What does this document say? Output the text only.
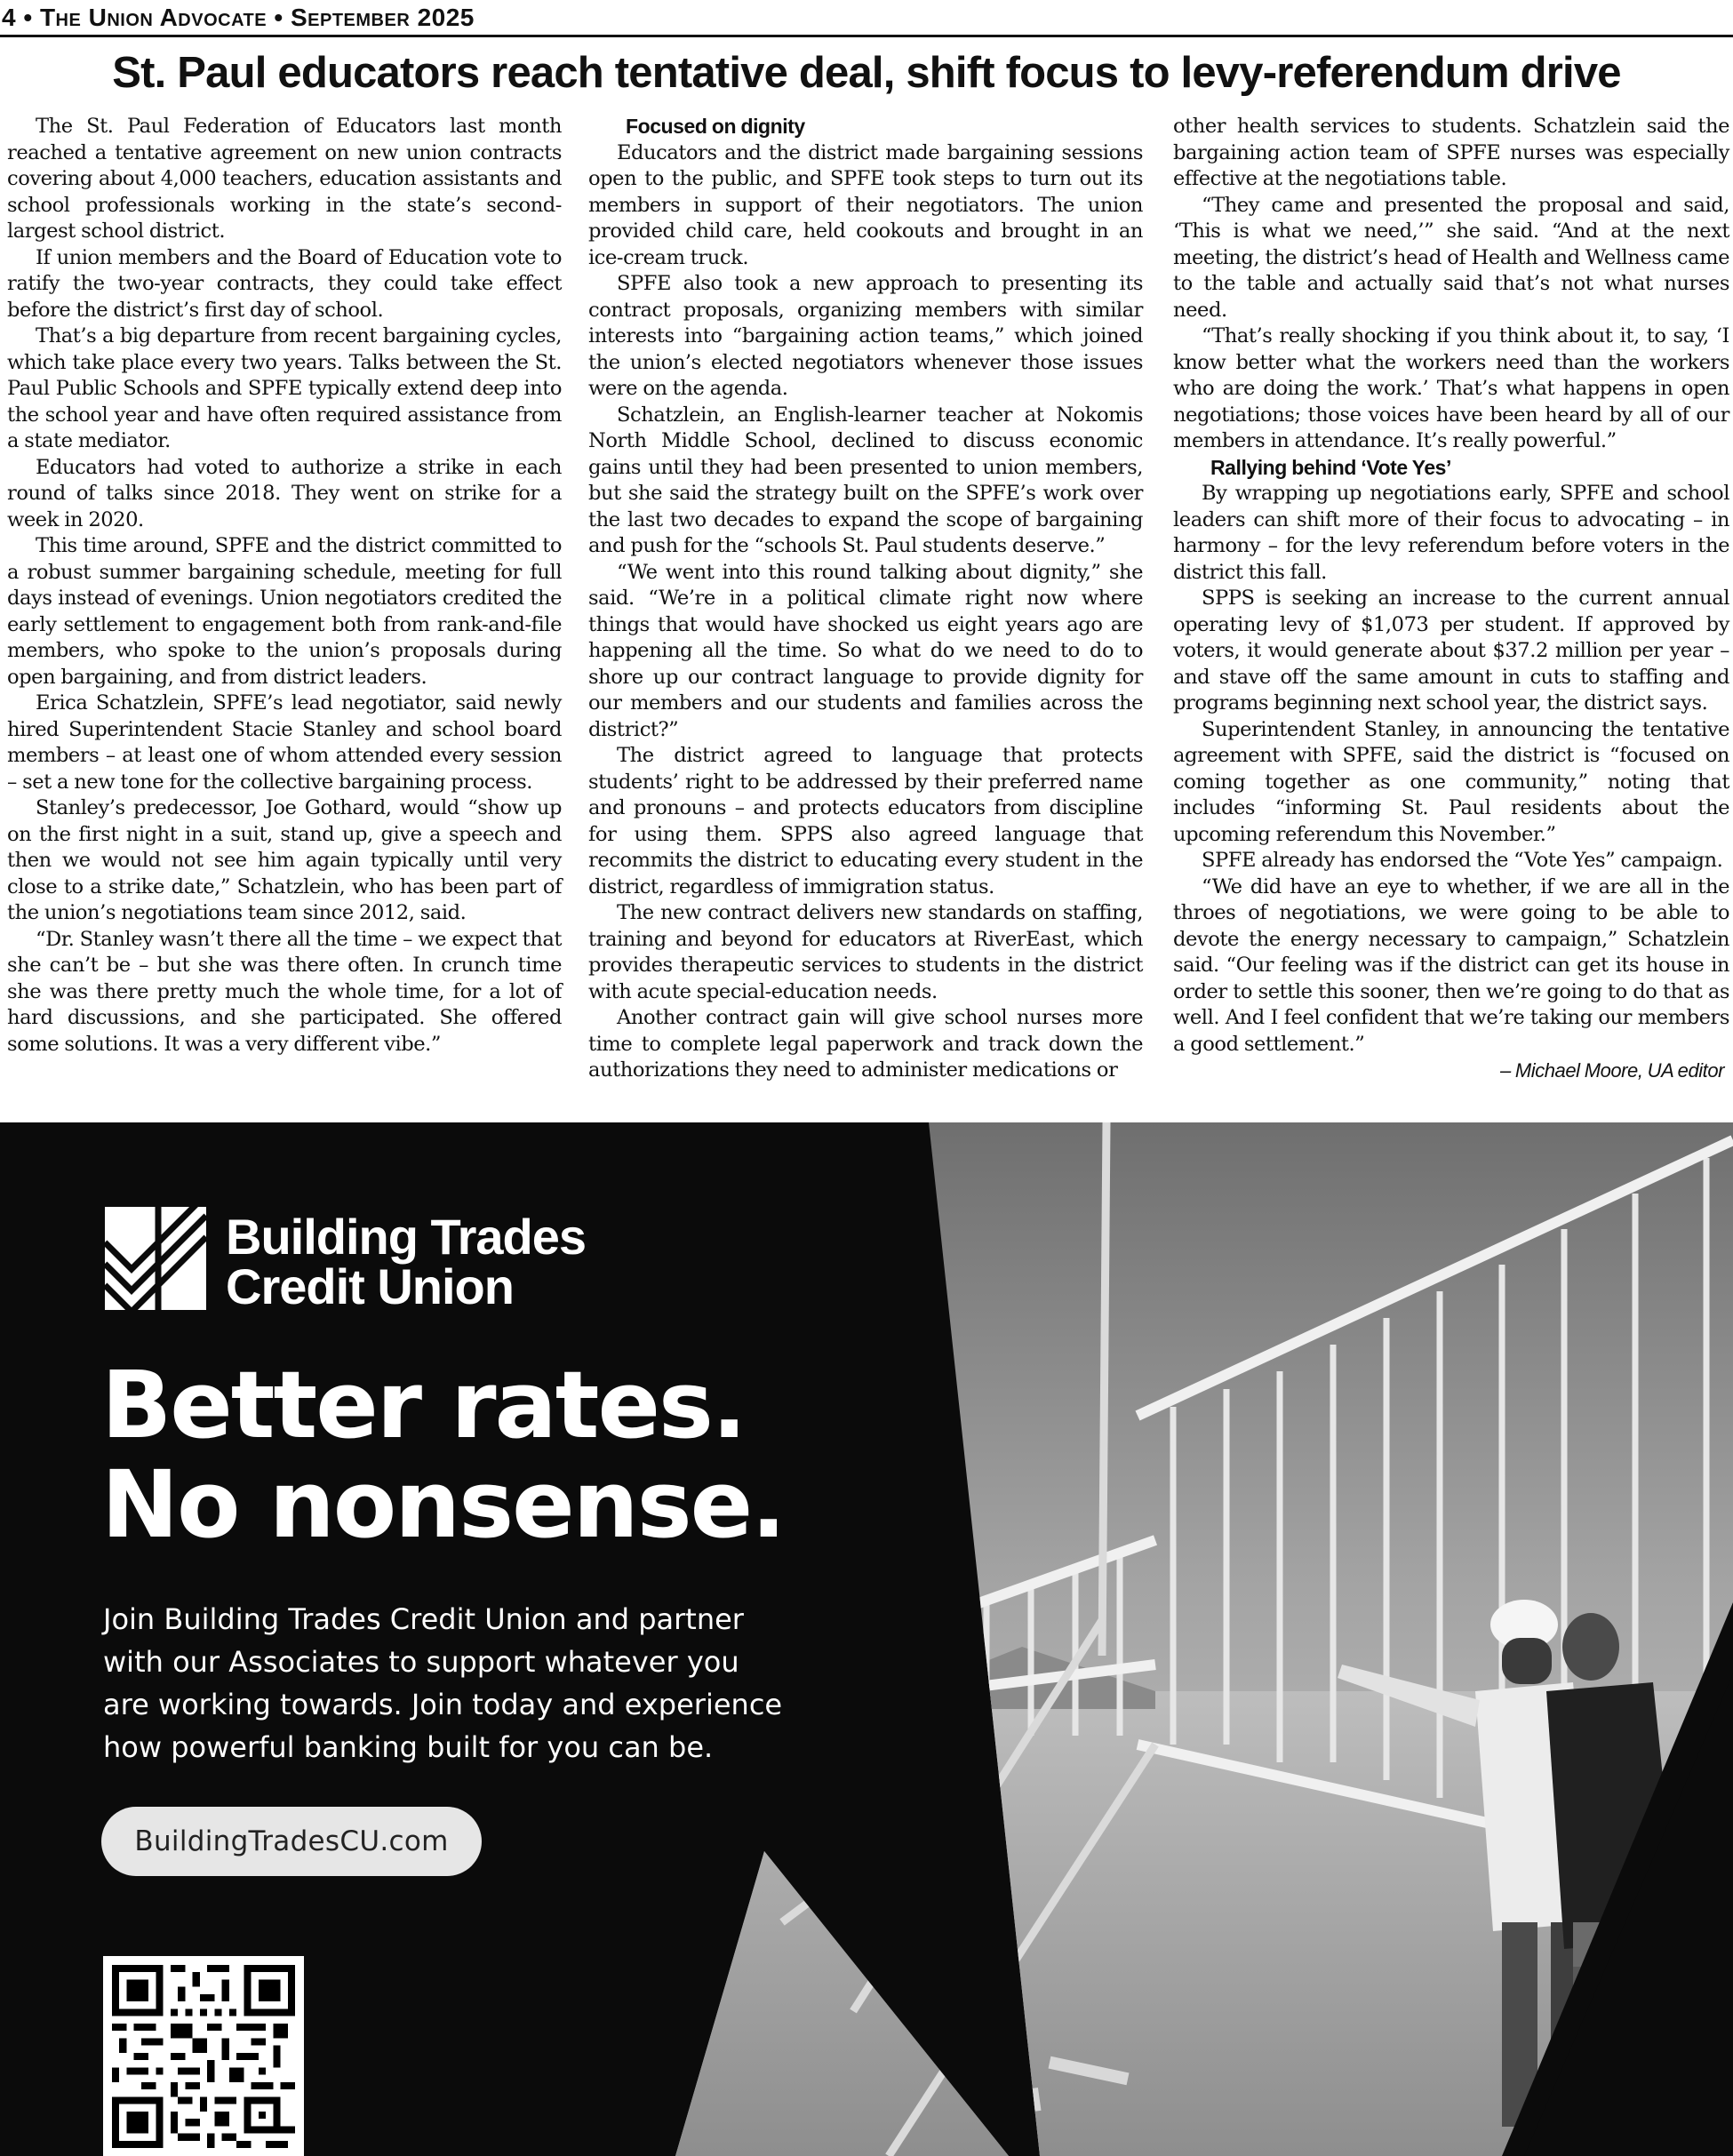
4 • The Union Advocate • September 2025
St. Paul educators reach tentative deal, shift focus to levy-referendum drive

The St. Paul Federation of Educators last month reached a tentative agreement on new union contracts covering about 4,000 teachers, education assistants and school professionals working in the state’s second-largest school district.

If union members and the Board of Education vote to ratify the two-year contracts, they could take effect before the district’s first day of school.

That’s a big departure from recent bargaining cycles, which take place every two years. Talks between the St. Paul Public Schools and SPFE typically extend deep into the school year and have often required assistance from a state mediator.

Educators had voted to authorize a strike in each round of talks since 2018. They went on strike for a week in 2020.

This time around, SPFE and the district committed to a robust summer bargaining schedule, meeting for full days instead of evenings. Union negotiators credited the early settlement to engagement both from rank-and-file members, who spoke to the union’s proposals during open bargaining, and from district leaders.

Erica Schatzlein, SPFE’s lead negotiator, said newly hired Superintendent Stacie Stanley and school board members – at least one of whom attended every session – set a new tone for the collective bargaining process.

Stanley’s predecessor, Joe Gothard, would “show up on the first night in a suit, stand up, give a speech and then we would not see him again typically until very close to a strike date,” Schatzlein, who has been part of the union’s negotiations team since 2012, said.

“Dr. Stanley wasn’t there all the time – we expect that she can’t be – but she was there often. In crunch time she was there pretty much the whole time, for a lot of hard discussions, and she participated. She offered some solutions. It was a very different vibe.”

Focused on dignity

Educators and the district made bargaining sessions open to the public, and SPFE took steps to turn out its members in support of their negotiators. The union provided child care, held cookouts and brought in an ice-cream truck.

SPFE also took a new approach to presenting its contract proposals, organizing members with similar interests into “bargaining action teams,” which joined the union’s elected negotiators whenever those issues were on the agenda.

Schatzlein, an English-learner teacher at Nokomis North Middle School, declined to discuss economic gains until they had been presented to union members, but she said the strategy built on the SPFE’s work over the last two decades to expand the scope of bargaining and push for the “schools St. Paul students deserve.”

“We went into this round talking about dignity,” she said. “We’re in a political climate right now where things that would have shocked us eight years ago are happening all the time. So what do we need to do to shore up our contract language to provide dignity for our members and our students and families across the district?”

The district agreed to language that protects students’ right to be addressed by their preferred name and pronouns – and protects educators from discipline for using them. SPPS also agreed language that recommits the district to educating every student in the district, regardless of immigration status.

The new contract delivers new standards on staffing, training and beyond for educators at RiverEast, which provides therapeutic services to students in the district with acute special-education needs.

Another contract gain will give school nurses more time to complete legal paperwork and track down the authorizations they need to administer medications or

other health services to students. Schatzlein said the bargaining action team of SPFE nurses was especially effective at the negotiations table.

“They came and presented the proposal and said, ‘This is what we need,’” she said. “And at the next meeting, the district’s head of Health and Wellness came to the table and actually said that’s not what nurses need.

“That’s really shocking if you think about it, to say, ‘I know better what the workers need than the workers who are doing the work.’ That’s what happens in open negotiations; those voices have been heard by all of our members in attendance. It’s really powerful.”

Rallying behind ‘Vote Yes’

By wrapping up negotiations early, SPFE and school leaders can shift more of their focus to advocating – in harmony – for the levy referendum before voters in the district this fall.

SPPS is seeking an increase to the current annual operating levy of $1,073 per student. If approved by voters, it would generate about $37.2 million per year – and stave off the same amount in cuts to staffing and programs beginning next school year, the district says.

Superintendent Stanley, in announcing the tentative agreement with SPFE, said the district is “focused on coming together as one community,” noting that includes “informing St. Paul residents about the upcoming referendum this November.”

SPFE already has endorsed the “Vote Yes” campaign.

“We did have an eye to whether, if we are all in the throes of negotiations, we were going to be able to devote the energy necessary to campaign,” Schatzlein said. “Our feeling was if the district can get its house in order to settle this sooner, then we’re going to do that as well. And I feel confident that we’re taking our members a good settlement.”

– Michael Moore, UA editor
Building Trades
Credit Union
Better rates.
No nonsense.
Join Building Trades Credit Union and partner
with our Associates to support whatever you
are working towards. Join today and experience
how powerful banking built for you can be.
BuildingTradesCU.com
